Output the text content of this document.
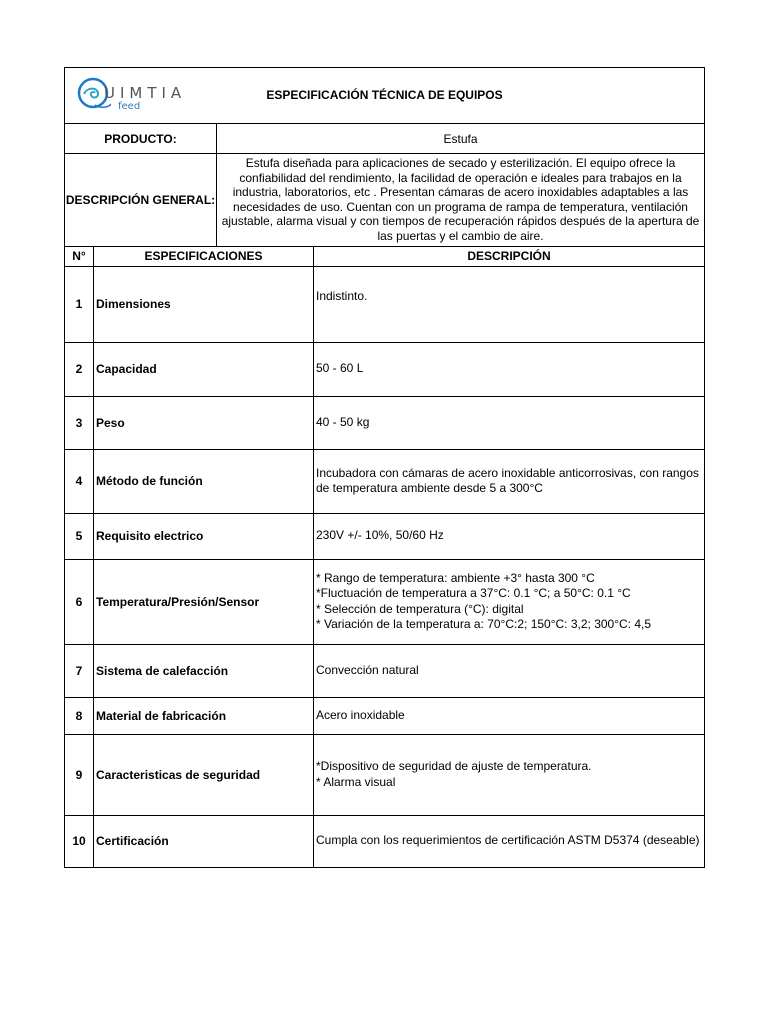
UIMTIA
feed
ESPECIFICACIÓN TÉCNICA DE EQUIPOS			

PRODUCTO:		Estufa	
DESCRIPCIÓN GENERAL:		Estufa diseñada para aplicaciones de secado y esterilización. El equipo ofrece la confiabilidad del rendimiento, la facilidad de operación e ideales para trabajos en la industria, laboratorios, etc . Presentan cámaras de acero inoxidables adaptables a las necesidades de uso. Cuentan con un programa de rampa de temperatura, ventilación ajustable, alarma visual y con tiempos de recuperación rápidos después de la apertura de las puertas y el cambio de aire.	
N°	ESPECIFICACIONES		DESCRIPCIÓN
1	Dimensiones		Indistinto.

2	Capacidad		50 - 60 L

3	Peso		40 - 50 kg

4	Método de función		Incubadora con cámaras de acero inoxidable anticorrosivas, con rangos
de temperatura ambiente desde 5 a 300°C

5	Requisito electrico		230V +/- 10%, 50/60 Hz

6	Temperatura/Presión/Sensor		* Rango de temperatura: ambiente +3° hasta 300 °C
*Fluctuación de temperatura a 37°C: 0.1 °C; a 50°C: 0.1 °C
* Selección de temperatura (°C): digital
* Variación de la temperatura a: 70°C:2; 150°C: 3,2; 300°C: 4,5

7	Sistema de calefacción		Convección natural

8	Material de fabricación		Acero inoxidable

9	Caracteristicas de seguridad		*Dispositivo de seguridad de ajuste de temperatura.
* Alarma visual

10	Certificación		Cumpla con los requerimientos de certificación ASTM D5374 (deseable)
